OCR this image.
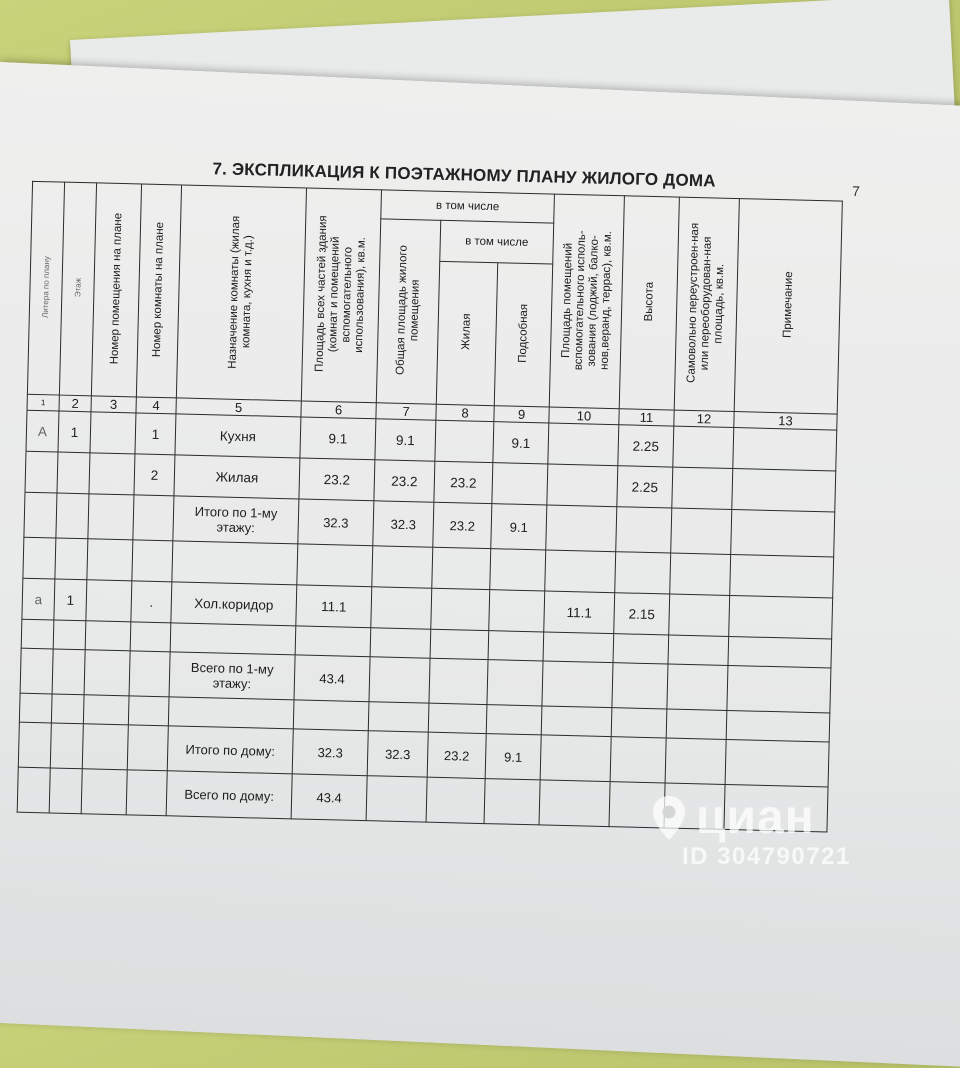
7. ЭКСПЛИКАЦИЯ К ПОЭТАЖНОМУ ПЛАНУ ЖИЛОГО ДОМА
7
Литера по плану	Этаж	Номер помещения на плане	Номер комнаты на плане	Назначение комнаты (жилая комната, кухня и т.д.)	Площадь всех частей здания (комнат и помещений вспомогательного использования), кв.м.	в том числе			Площадь помещений вспомогательного исполь-зования (лоджий, балко-нов,веранд, террас), кв.м.	Высота	Самовольно переустроен-ная или переоборудован-ная площадь, кв.м.	Примечание
						Общая площадь жилого помещения	в том числе					
							Жилая	Подсобная				
1	2	3	4	5	6	7	8	9	10	11	12	13
А	1		1	Кухня	9.1	9.1		9.1		2.25		
			2	Жилая	23.2	23.2	23.2			2.25		
				Итого по 1-му этажу:	32.3	32.3	23.2	9.1				

а	1		.	Хол.коридор	11.1				11.1	2.15		

				Всего по 1-му этажу:	43.4							

				Итого по дому:	32.3	32.3	23.2	9.1				
				Всего по дому:	43.4								циан
ID 304790721
